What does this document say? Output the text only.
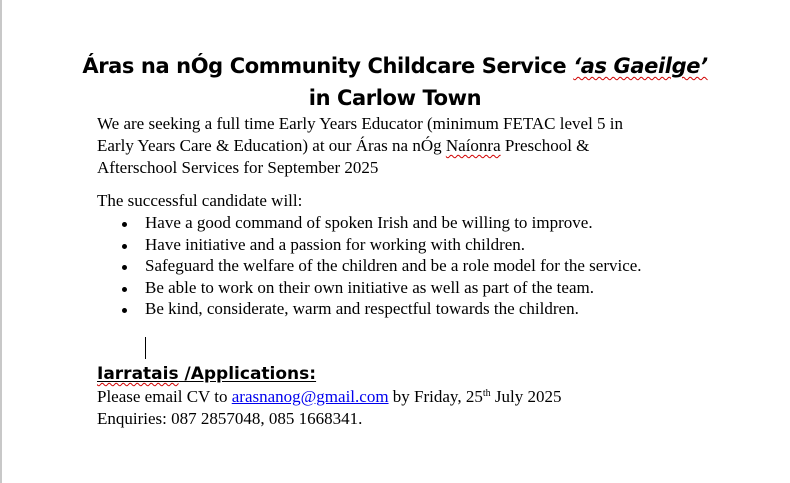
Áras na nÓg Community Childcare Service ‘as Gaeilge’
in Carlow Town
We are seeking a full time Early Years Educator (minimum FETAC level 5 in
Early Years Care & Education) at our Áras na nÓg Naíonra Preschool &
Afterschool Services for September 2025
The successful candidate will:
Have a good command of spoken Irish and be willing to improve.
Have initiative and a passion for working with children.
Safeguard the welfare of the children and be a role model for the service.
Be able to work on their own initiative as well as part of the team.
Be kind, considerate, warm and respectful towards the children.
Iarratais /Applications:
Please email CV to arasnanog@gmail.com by Friday, 25th July 2025
Enquiries: 087 2857048, 085 1668341.
